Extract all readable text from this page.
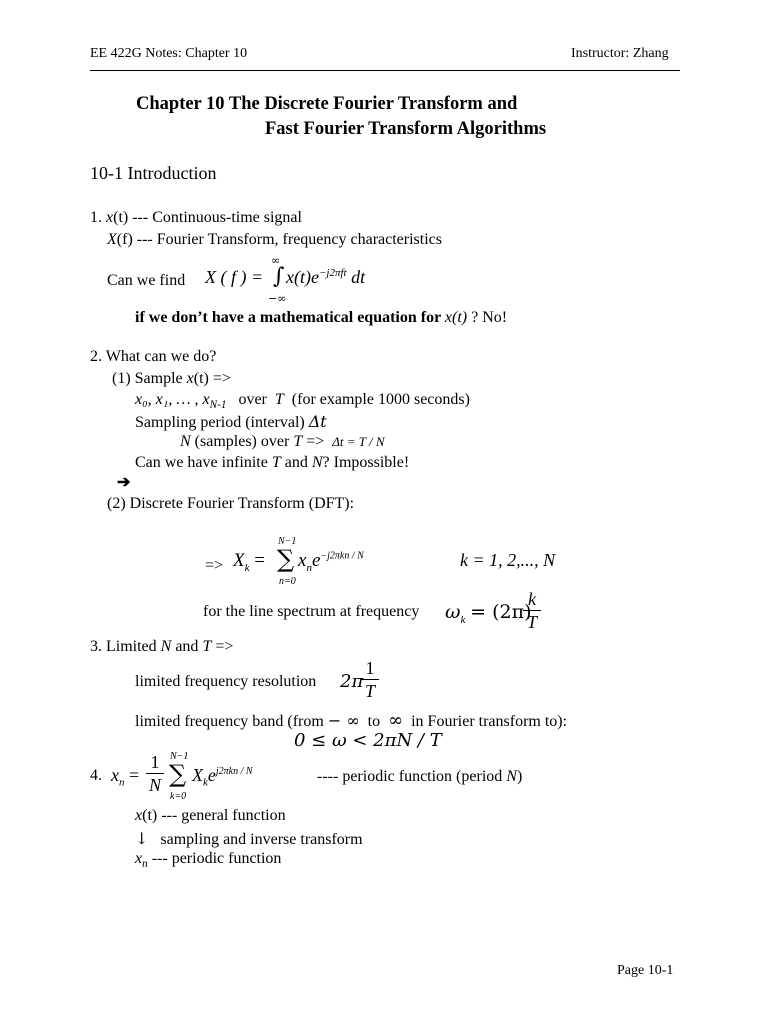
EE 422G Notes: Chapter 10	Instructor: Zhang
Chapter 10 The Discrete Fourier Transform and
Fast Fourier Transform Algorithms
10-1 Introduction
1. x(t) --- Continuous-time signal
X(f) --- Fourier Transform, frequency characteristics
Can we find X ( f ) =
∞
∫
−∞
$x(t)e^{-j2\pi ft}$ dt
if we don’t have a mathematical equation for x(t) ? No!
2. What can we do?
(1) Sample x(t) =>
x₀, x₁, … , $x_{N-1}$ over T (for example 1000 seconds)
Sampling period (interval) Δt
N (samples) over T => Δt = T / N
Can we have infinite T and N? Impossible!
➔
(2) Discrete Fourier Transform (DFT):
=> $X_k$ =
N−1
∑
n=0
$x_ne^{-j2\pi kn / N}$	k = 1, 2,..., N
for the line spectrum at frequency $\omega_k = (2\pi)$
k
T
3. Limited N and T =>
limited frequency resolution 2π
1
T
limited frequency band (from − ∞ to ∞ in Fourier transform to):
0 ≤ ω < 2πN / T
4. $x_n$ =
1
N
N−1
∑
k=0
$X_ke^{j2\pi kn / N}$	---- periodic function (period N)
x(t) --- general function
↓ sampling and inverse transform
$x_n$ --- periodic function
Page 10-1
